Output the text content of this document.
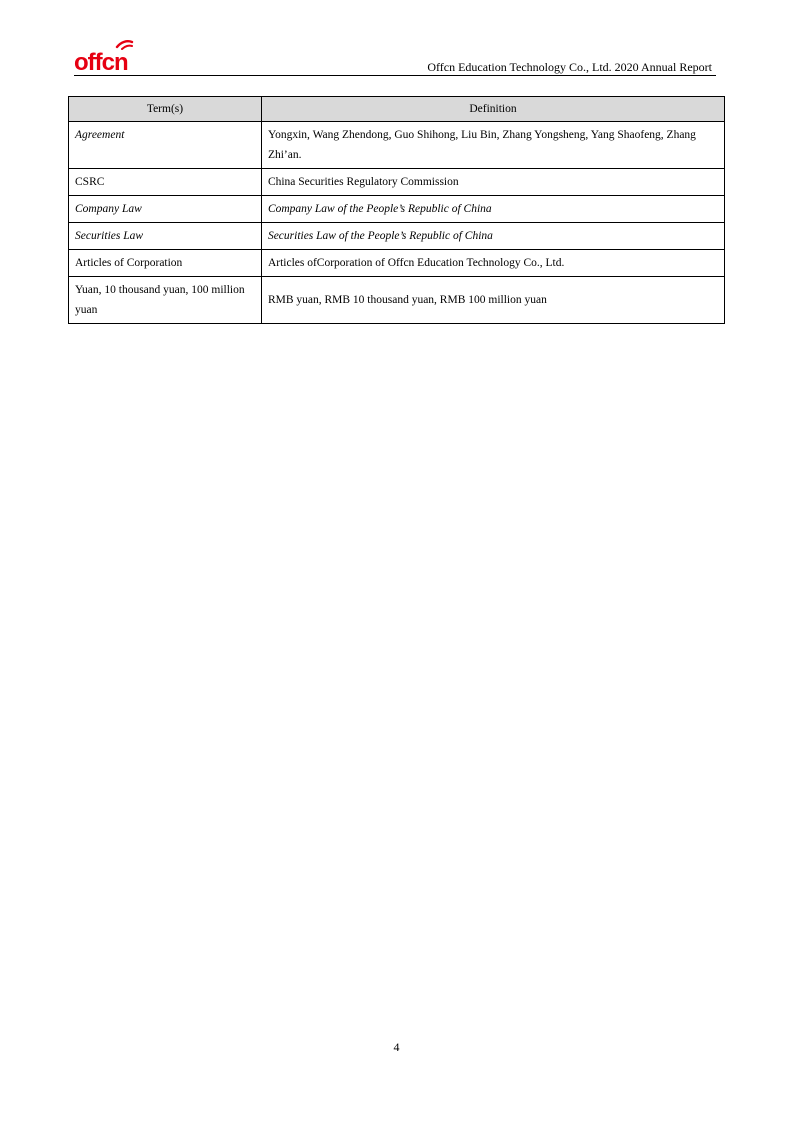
offcn	Offcn Education Technology Co., Ltd. 2020 Annual Report
Term(s)	Definition
Agreement	Yongxin, Wang Zhendong, Guo Shihong, Liu Bin, Zhang Yongsheng, Yang Shaofeng, Zhang Zhi’an.
CSRC	China Securities Regulatory Commission
Company Law	Company Law of the People’s Republic of China
Securities Law	Securities Law of the People’s Republic of China
Articles of Corporation	Articles ofCorporation of Offcn Education Technology Co., Ltd.
Yuan, 10 thousand yuan, 100 million yuan	RMB yuan, RMB 10 thousand yuan, RMB 100 million yuan
4
